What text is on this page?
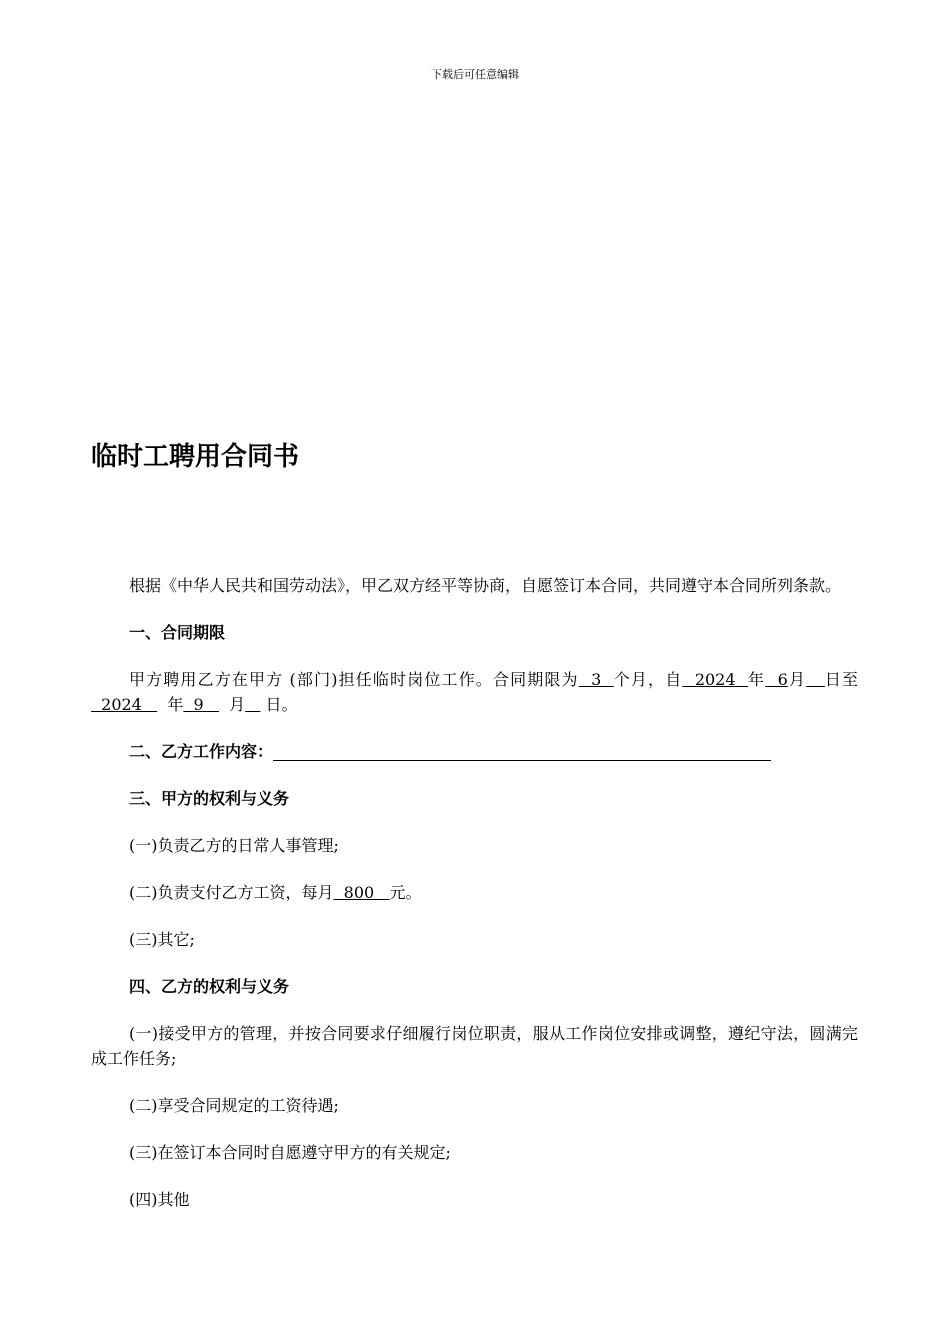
下载后可任意编辑
临时工聘用合同书

根据《中华人民共和国劳动法》，甲乙双方经平等协商，自愿签订本合同，共同遵守本合同所列条款。

一、合同期限

甲方聘用乙方在甲方 (部门)担任临时岗位工作。合同期限为  3  个月，自  2024  年  6月 日至  2024     年  9     月    日。

二、乙方工作内容：
三、甲方的权利与义务

(一)负责乙方的日常人事管理;

(二)负责支付乙方工资，每月  800   元。

(三)其它;

四、乙方的权利与义务

(一)接受甲方的管理，并按合同要求仔细履行岗位职责，服从工作岗位安排或调整，遵纪守法，圆满完成工作任务;

(二)享受合同规定的工资待遇;

(三)在签订本合同时自愿遵守甲方的有关规定;

(四)其他
